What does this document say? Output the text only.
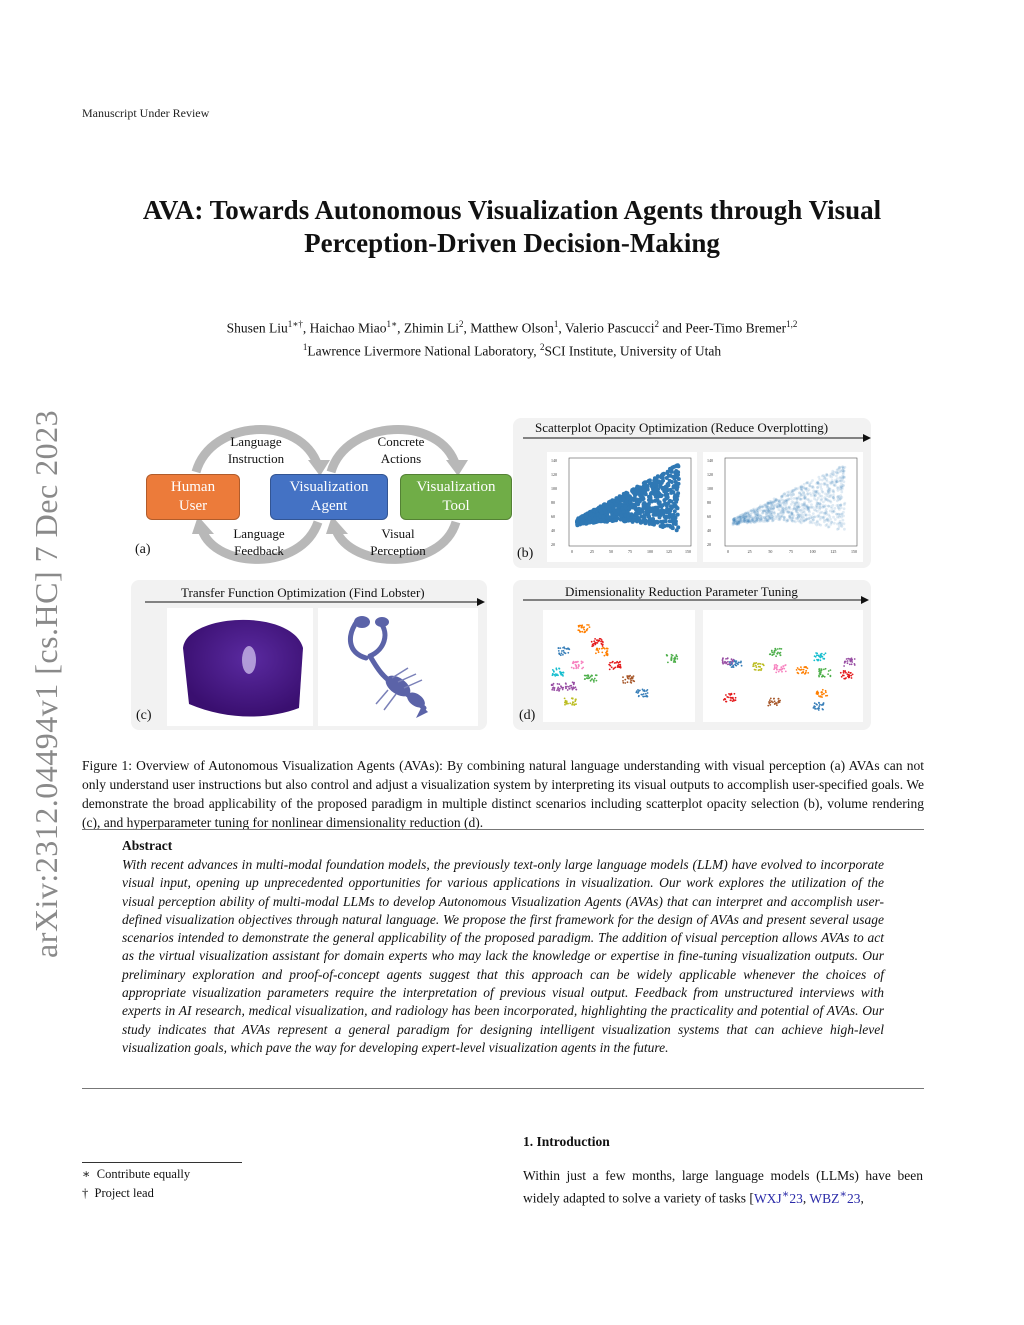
Manuscript Under Review
arXiv:2312.04494v1 [cs.HC] 7 Dec 2023
AVA: Towards Autonomous Visualization Agents through Visual
Perception-Driven Decision-Making
Shusen Liu$^{1∗\dagger}$, Haichao Miao$^{1∗}$, Zhimin Li$^2$, Matthew Olson$^1$, Valerio Pascucci$^2$ and Peer-Timo Bremer$^{1,2}$
$^1$Lawrence Livermore National Laboratory, $^2$SCI Institute, University of Utah
Human
User
Visualization
Agent
Visualization
Tool
Language
Instruction
Concrete
Actions
Language
Feedback
Visual
Perception
(a)
Scatterplot Opacity Optimization (Reduce Overplotting)
140
120
100
80
60
40
20
0	25	50	75	100	125	150
140
120
100
80
60
40
20
0	25	50	75	100	125	150
(b)
Transfer Function Optimization (Find Lobster)
(c)
Dimensionality Reduction Parameter Tuning
(d)
Figure 1: Overview of Autonomous Visualization Agents (AVAs): By combining natural language understanding with visual perception (a) AVAs can not only understand user instructions but also control and adjust a visualization system by interpreting its visual outputs to accomplish user-specified goals. We demonstrate the broad applicability of the proposed paradigm in multiple distinct scenarios including scatterplot opacity selection (b), volume rendering (c), and hyperparameter tuning for nonlinear dimensionality reduction (d).
Abstract
With recent advances in multi-modal foundation models, the previously text-only large language models (LLM) have evolved to incorporate visual input, opening up unprecedented opportunities for various applications in visualization. Our work explores the utilization of the visual perception ability of multi-modal LLMs to develop Autonomous Visualization Agents (AVAs) that can interpret and accomplish user-defined visualization objectives through natural language. We propose the first framework for the design of AVAs and present several usage scenarios intended to demonstrate the general applicability of the proposed paradigm. The addition of visual perception allows AVAs to act as the virtual visualization assistant for domain experts who may lack the knowledge or expertise in fine-tuning visualization outputs. Our preliminary exploration and proof-of-concept agents suggest that this approach can be widely applicable whenever the choices of appropriate visualization parameters require the interpretation of previous visual output. Feedback from unstructured interviews with experts in AI research, medical visualization, and radiology has been incorporated, highlighting the practicality and potential of AVAs. Our study indicates that AVAs represent a general paradigm for designing intelligent visualization systems that can achieve high-level visualization goals, which pave the way for developing expert-level visualization agents in the future.
1. Introduction
Within just a few months, large language models (LLMs) have been widely adapted to solve a variety of tasks [WXJ∗23, WBZ∗23,
∗ Contribute equally
† Project lead
